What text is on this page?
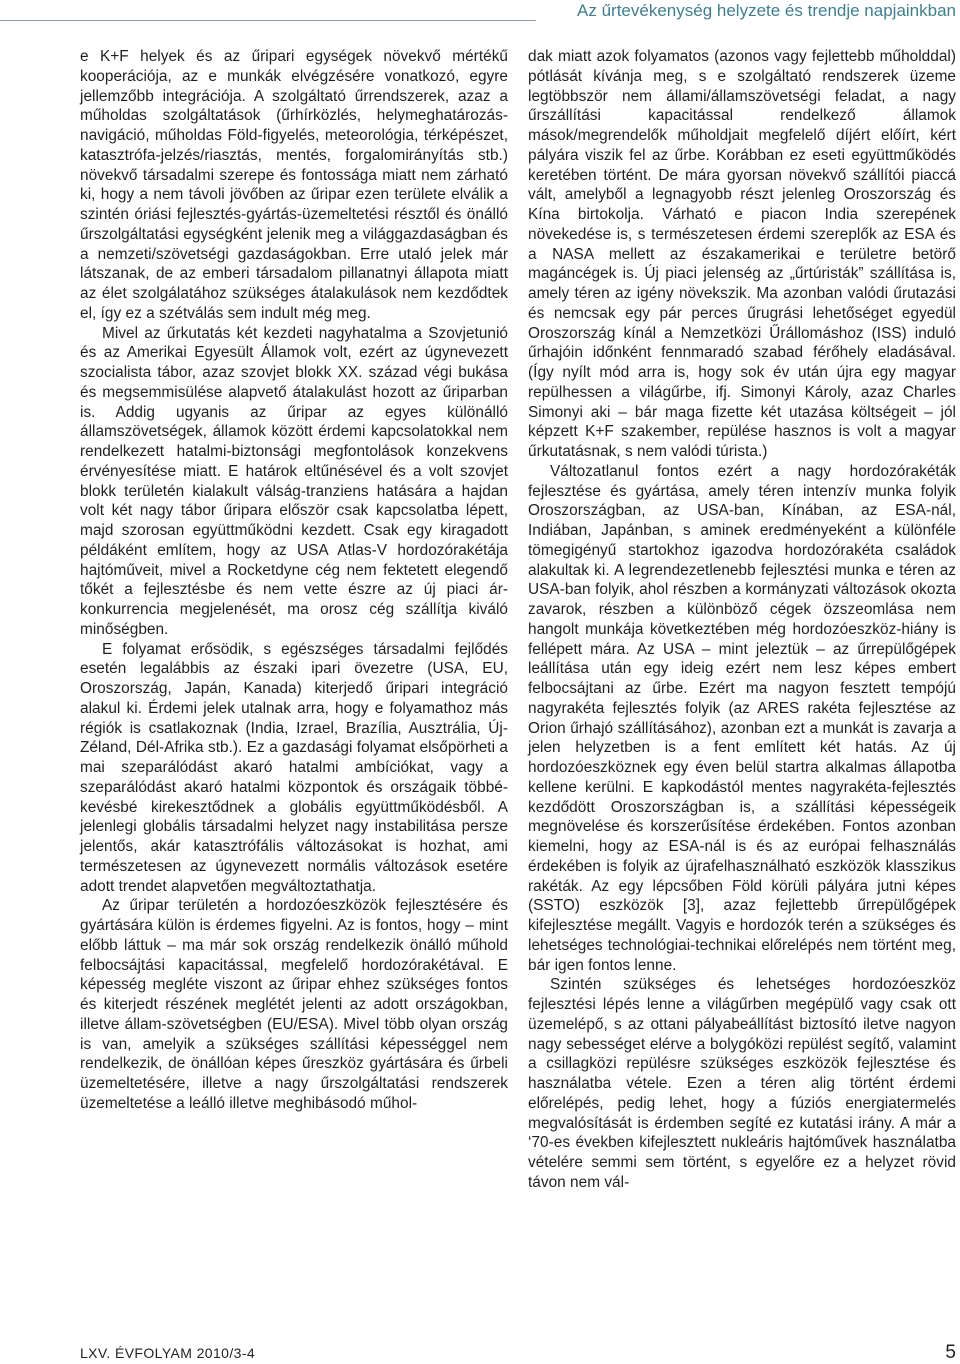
Az űrtevékenység helyzete és trendje napjainkban

e K+F helyek és az űripari egységek növekvő mértékű kooperációja, az e munkák elvégzésére vonatkozó, egyre jellemzőbb integrációja. A szolgáltató űrrendszerek, azaz a műholdas szolgáltatások (űrhírközlés, helymeghatározás-navigáció, műholdas Föld-figyelés, meteorológia, térképészet, katasztrófa-jelzés/riasztás, mentés, forgalomirányítás stb.) növekvő társadalmi szerepe és fontossága miatt nem zárható ki, hogy a nem távoli jövőben az űripar ezen területe elválik a szintén óriási fejlesztés-gyártás-üzemeltetési résztől és önálló űrszolgáltatási egységként jelenik meg a világgazdaságban és a nemzeti/szövetségi gazdaságokban. Erre utaló jelek már látszanak, de az emberi társadalom pillanatnyi állapota miatt az élet szolgálatához szükséges átalakulások nem kezdődtek el, így ez a szétválás sem indult még meg.

Mivel az űrkutatás két kezdeti nagyhatalma a Szovjetunió és az Amerikai Egyesült Államok volt, ezért az úgynevezett szocialista tábor, azaz szovjet blokk XX. század végi bukása és megsemmisülése alapvető átalakulást hozott az űriparban is. Addig ugyanis az űripar az egyes különálló államszövetségek, államok között érdemi kapcsolatokkal nem rendelkezett hatalmi-biztonsági megfontolások konzekvens érvényesítése miatt. E határok eltűnésével és a volt szovjet blokk területén kialakult válság-tranziens hatására a hajdan volt két nagy tábor űripara először csak kapcsolatba lépett, majd szorosan együttműködni kezdett. Csak egy kiragadott példáként említem, hogy az USA Atlas-V hordozórakétája hajtóműveit, mivel a Rocketdyne cég nem fektetett elegendő tőkét a fejlesztésbe és nem vette észre az új piaci ár-konkurrencia megjelenését, ma orosz cég szállítja kiváló minőségben.

E folyamat erősödik, s egészséges társadalmi fejlődés esetén legalábbis az északi ipari övezetre (USA, EU, Oroszország, Japán, Kanada) kiterjedő űripari integráció alakul ki. Érdemi jelek utalnak arra, hogy e folyamathoz más régiók is csatlakoznak (India, Izrael, Brazília, Ausztrália, Új-Zéland, Dél-Afrika stb.). Ez a gazdasági folyamat elsőpörheti a mai szeparálódást akaró hatalmi ambíciókat, vagy a szeparálódást akaró hatalmi központok és országaik többé-kevésbé kirekesztődnek a globális együttműködésből. A jelenlegi globális társadalmi helyzet nagy instabilitása persze jelentős, akár katasztrófális változásokat is hozhat, ami természetesen az úgynevezett normális változások esetére adott trendet alapvetően megváltoztathatja.

Az űripar területén a hordozóeszközök fejlesztésére és gyártására külön is érdemes figyelni. Az is fontos, hogy – mint előbb láttuk – ma már sok ország rendelkezik önálló műhold felbocsájtási kapacitással, megfelelő hordozórakétával. E képesség megléte viszont az űripar ehhez szükséges fontos és kiterjedt részének meglétét jelenti az adott országokban, illetve állam-szövetségben (EU/ESA). Mivel több olyan ország is van, amelyik a szükséges szállítási képességgel nem rendelkezik, de önállóan képes űreszköz gyártására és űrbeli üzemeltetésére, illetve a nagy űrszolgáltatási rendszerek üzemeltetése a leálló illetve meghibásodó műhol-

dak miatt azok folyamatos (azonos vagy fejlettebb műholddal) pótlását kívánja meg, s e szolgáltató rendszerek üzeme legtöbbször nem állami/államszövetségi feladat, a nagy űrszállítási kapacitással rendelkező államok mások/megrendelők műholdjait megfelelő díjért előírt, kért pályára viszik fel az űrbe. Korábban ez eseti együttműködés keretében történt. De mára gyorsan növekvő szállítói piaccá vált, amelyből a legnagyobb részt jelenleg Oroszország és Kína birtokolja. Várható e piacon India szerepének növekedése is, s természetesen érdemi szereplők az ESA és a NASA mellett az északamerikai e területre betörő magáncégek is. Új piaci jelenség az „űrtúristák” szállítása is, amely téren az igény növekszik. Ma azonban valódi űrutazási és nemcsak egy pár perces űrugrási lehetőséget egyedül Oroszország kínál a Nemzetközi Űrállomáshoz (ISS) induló űrhajóin időnként fennmaradó szabad férőhely eladásával. (Így nyílt mód arra is, hogy sok év után újra egy magyar repülhessen a világűrbe, ifj. Simonyi Károly, azaz Charles Simonyi aki – bár maga fizette két utazása költségeit – jól képzett K+F szakember, repülése hasznos is volt a magyar űrkutatásnak, s nem valódi túrista.)

Változatlanul fontos ezért a nagy hordozórakéták fejlesztése és gyártása, amely téren intenzív munka folyik Oroszországban, az USA-ban, Kínában, az ESA-nál, Indiában, Japánban, s aminek eredményeként a különféle tömegigényű startokhoz igazodva hordozórakéta családok alakultak ki. A legrendezetlenebb fejlesztési munka e téren az USA-ban folyik, ahol részben a kormányzati változások okozta zavarok, részben a különböző cégek özszeomlása nem hangolt munkája következtében még hordozóeszköz-hiány is fellépett mára. Az USA – mint jeleztük – az űrrepülőgépek leállítása után egy ideig ezért nem lesz képes embert felbocsájtani az űrbe. Ezért ma nagyon fesztett tempójú nagyrakéta fejlesztés folyik (az ARES rakéta fejlesztése az Orion űrhajó szállításához), azonban ezt a munkát is zavarja a jelen helyzetben is a fent említett két hatás. Az új hordozóeszköznek egy éven belül startra alkalmas állapotba kellene kerülni. E kapkodástól mentes nagyrakéta-fejlesztés kezdődött Oroszországban is, a szállítási képességeik megnövelése és korszerűsítése érdekében. Fontos azonban kiemelni, hogy az ESA-nál is és az európai felhasználás érdekében is folyik az újrafelhasználható eszközök klasszikus rakéták. Az egy lépcsőben Föld körüli pályára jutni képes (SSTO) eszközök [3], azaz fejlettebb űrrepülőgépek kifejlesztése megállt. Vagyis e hordozók terén a szükséges és lehetséges technológiai-technikai előrelépés nem történt meg, bár igen fontos lenne.

Szintén szükséges és lehetséges hordozóeszköz fejlesztési lépés lenne a világűrben megépülő vagy csak ott üzemelépő, s az ottani pályabeállítást biztosító iletve nagyon nagy sebességet elérve a bolygóközi repülést segítő, valamint a csillagközi repülésre szükséges eszközök fejlesztése és használatba vétele. Ezen a téren alig történt érdemi előrelépés, pedig lehet, hogy a fúziós energiatermelés megvalósítását is érdemben segíté ez kutatási irány. A már a ‘70-es években kifejlesztett nukleáris hajtóművek használatba vételére semmi sem történt, s egyelőre ez a helyzet rövid távon nem vál-

LXV. ÉVFOLYAM 2010/3-4	5
